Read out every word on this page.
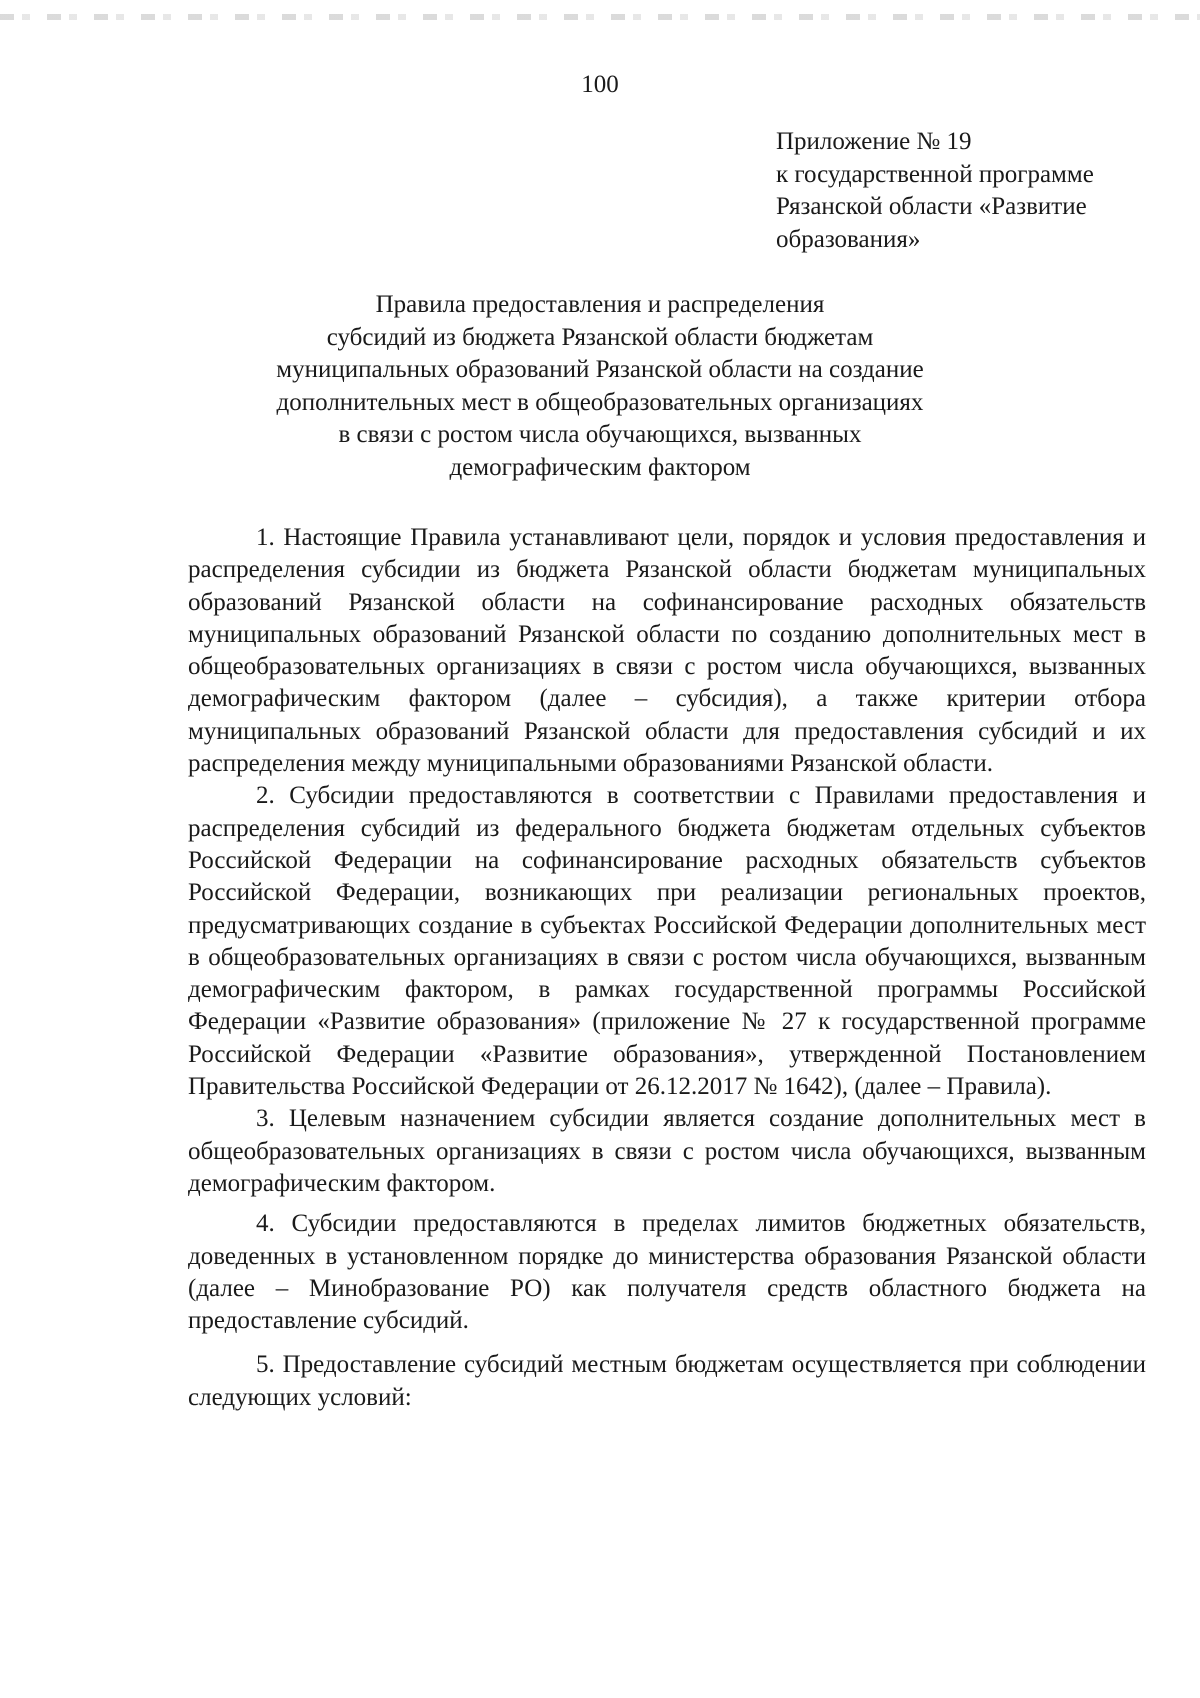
100
Приложение № 19
к государственной программе
Рязанской области «Развитие
образования»
Правила предоставления и распределения
субсидий из бюджета Рязанской области бюджетам
муниципальных образований Рязанской области на создание
дополнительных мест в общеобразовательных организациях
в связи с ростом числа обучающихся, вызванных
демографическим фактором

1. Настоящие Правила устанавливают цели, порядок и условия предоставления и распределения субсидии из бюджета Рязанской области бюджетам муниципальных образований Рязанской области на софинансирование расходных обязательств муниципальных образований Рязанской области по созданию дополнительных мест в общеобразовательных организациях в связи с ростом числа обучающихся, вызванных демографическим фактором (далее – субсидия), а также критерии отбора муниципальных образований Рязанской области для предоставления субсидий и их распределения между муниципальными образованиями Рязанской области.

2. Субсидии предоставляются в соответствии с Правилами предоставления и распределения субсидий из федерального бюджета бюджетам отдельных субъектов Российской Федерации на софинансирование расходных обязательств субъектов Российской Федерации, возникающих при реализации региональных проектов, предусматривающих создание в субъектах Российской Федерации дополнительных мест в общеобразовательных организациях в связи с ростом числа обучающихся, вызванным демографическим фактором, в рамках государственной программы Российской Федерации «Развитие образования» (приложение № 27 к государственной программе Российской Федерации «Развитие образования», утвержденной Постановлением Правительства Российской Федерации от 26.12.2017 № 1642), (далее – Правила).

3. Целевым назначением субсидии является создание дополнительных мест в общеобразовательных организациях в связи с ростом числа обучающихся, вызванным демографическим фактором.

4. Субсидии предоставляются в пределах лимитов бюджетных обязательств, доведенных в установленном порядке до министерства образования Рязанской области (далее – Минобразование РО) как получателя средств областного бюджета на предоставление субсидий.

5. Предоставление субсидий местным бюджетам осуществляется при соблюдении следующих условий:
